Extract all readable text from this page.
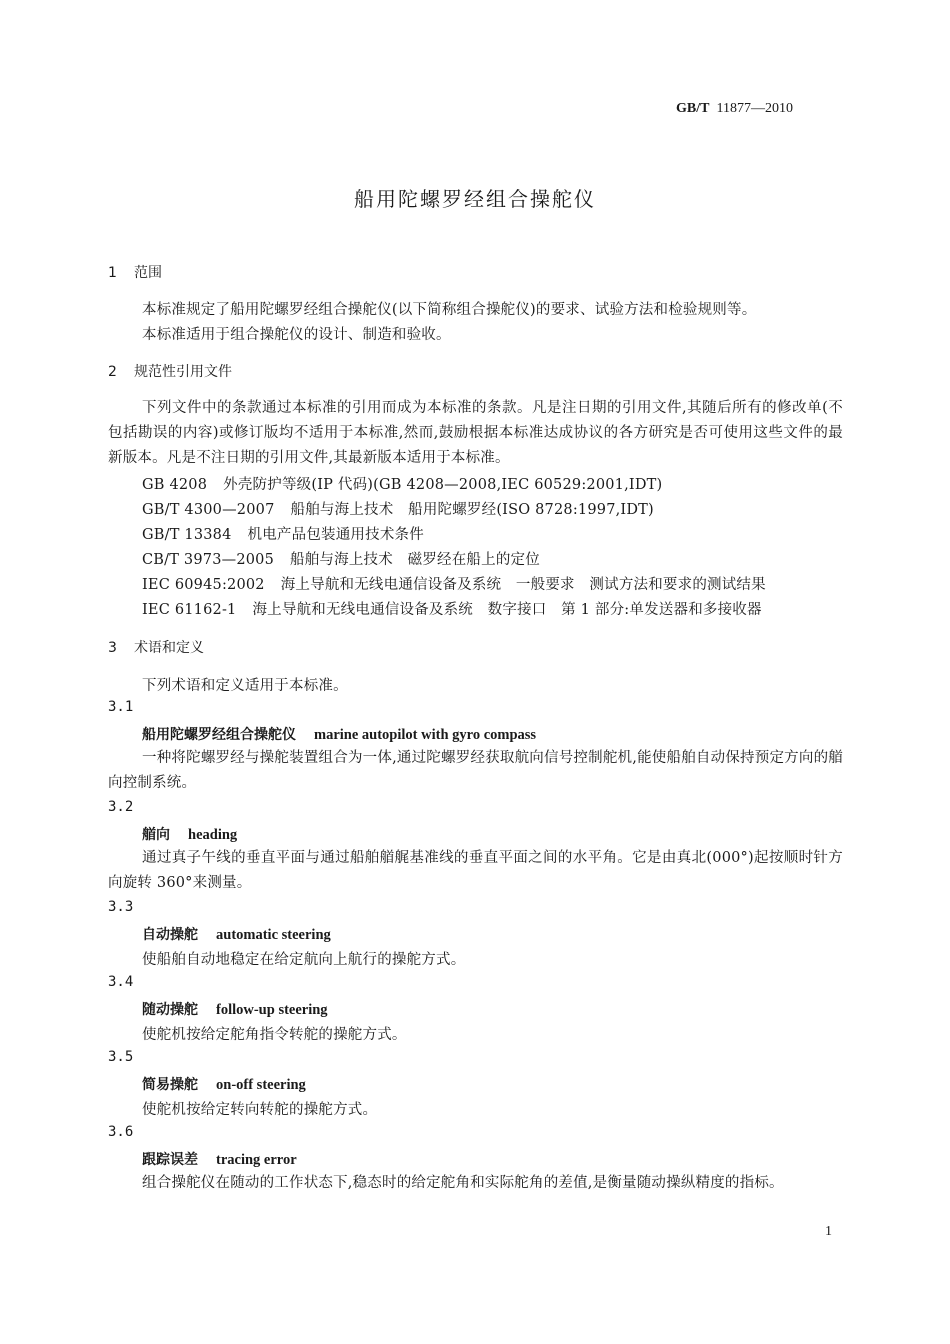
GB/T 11877—2010
船用陀螺罗经组合操舵仪
1 范围
本标准规定了船用陀螺罗经组合操舵仪(以下简称组合操舵仪)的要求、试验方法和检验规则等。
本标准适用于组合操舵仪的设计、制造和验收。
2 规范性引用文件
下列文件中的条款通过本标准的引用而成为本标准的条款。凡是注日期的引用文件,其随后所有的修改单(不包括勘误的内容)或修订版均不适用于本标准,然而,鼓励根据本标准达成协议的各方研究是否可使用这些文件的最新版本。凡是不注日期的引用文件,其最新版本适用于本标准。
GB 4208 外壳防护等级(IP 代码)(GB 4208—2008,IEC 60529:2001,IDT)
GB/T 4300—2007 船舶与海上技术　船用陀螺罗经(ISO 8728:1997,IDT)
GB/T 13384 机电产品包装通用技术条件
CB/T 3973—2005 船舶与海上技术　磁罗经在船上的定位
IEC 60945:2002 海上导航和无线电通信设备及系统　一般要求　测试方法和要求的测试结果
IEC 61162-1 海上导航和无线电通信设备及系统　数字接口　第 1 部分:单发送器和多接收器
3 术语和定义
下列术语和定义适用于本标准。
3.1
船用陀螺罗经组合操舵仪 marine autopilot with gyro compass
一种将陀螺罗经与操舵装置组合为一体,通过陀螺罗经获取航向信号控制舵机,能使船舶自动保持预定方向的艏向控制系统。
3.2
艏向 heading
通过真子午线的垂直平面与通过船舶艏艉基准线的垂直平面之间的水平角。它是由真北(000°)起按顺时针方向旋转 360°来测量。
3.3
自动操舵 automatic steering
使船舶自动地稳定在给定航向上航行的操舵方式。
3.4
随动操舵 follow-up steering
使舵机按给定舵角指令转舵的操舵方式。
3.5
简易操舵 on-off steering
使舵机按给定转向转舵的操舵方式。
3.6
跟踪误差 tracing error
组合操舵仪在随动的工作状态下,稳态时的给定舵角和实际舵角的差值,是衡量随动操纵精度的指标。
1
